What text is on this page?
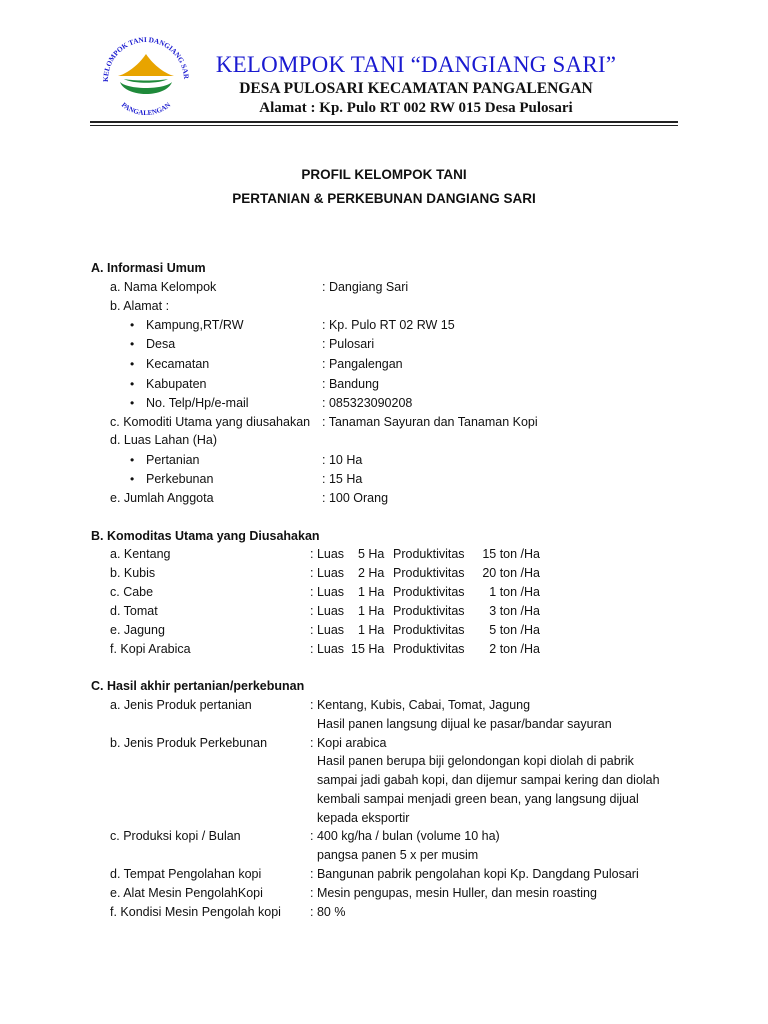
KELOMPOK TANI DANGIANG SAR
PANGALENGAN
KELOMPOK TANI “DANGIANG SARI”
DESA PULOSARI KECAMATAN PANGALENGAN
Alamat : Kp. Pulo RT 002 RW 015 Desa Pulosari
PROFIL KELOMPOK TANI
PERTANIAN & PERKEBUNAN DANGIANG SARI
A. Informasi Umum
a. Nama Kelompok	: Dangiang Sari
b. Alamat :
• Kampung,RT/RW	: Kp. Pulo RT 02 RW 15
• Desa	: Pulosari
• Kecamatan	: Pangalengan
• Kabupaten	: Bandung
• No. Telp/Hp/e-mail	: 085323090208
c. Komoditi Utama yang diusahakan : Tanaman Sayuran dan Tanaman Kopi
d. Luas Lahan (Ha)
• Pertanian	: 10 Ha
• Perkebunan	: 15 Ha
e. Jumlah Anggota	: 100 Orang
B. Komoditas Utama yang Diusahakan
a. Kentang	: Luas    5 Ha Produktivitas	15 ton /Ha
b. Kubis	: Luas    2 Ha Produktivitas	20 ton /Ha
c. Cabe	: Luas    1 Ha Produktivitas	1 ton /Ha
d. Tomat	: Luas    1 Ha Produktivitas	3 ton /Ha
e. Jagung	: Luas    1 Ha Produktivitas	5 ton /Ha
f. Kopi Arabica	: Luas  15 Ha Produktivitas	2 ton /Ha
C. Hasil akhir pertanian/perkebunan
a. Jenis Produk pertanian	: Kentang, Kubis, Cabai, Tomat, Jagung
Hasil panen langsung dijual ke pasar/bandar sayuran
b. Jenis Produk Perkebunan	: Kopi arabica
Hasil panen berupa biji gelondongan kopi diolah di pabrik
sampai jadi gabah kopi, dan dijemur sampai kering dan diolah
kembali sampai menjadi green bean, yang langsung dijual
kepada eksportir
c. Produksi kopi / Bulan	: 400 kg/ha / bulan (volume 10 ha)
pangsa panen 5 x per musim
d. Tempat Pengolahan kopi	: Bangunan pabrik pengolahan kopi Kp. Dangdang Pulosari
e. Alat Mesin PengolahKopi	: Mesin pengupas, mesin Huller, dan mesin roasting
f. Kondisi Mesin Pengolah kopi : 80 %
